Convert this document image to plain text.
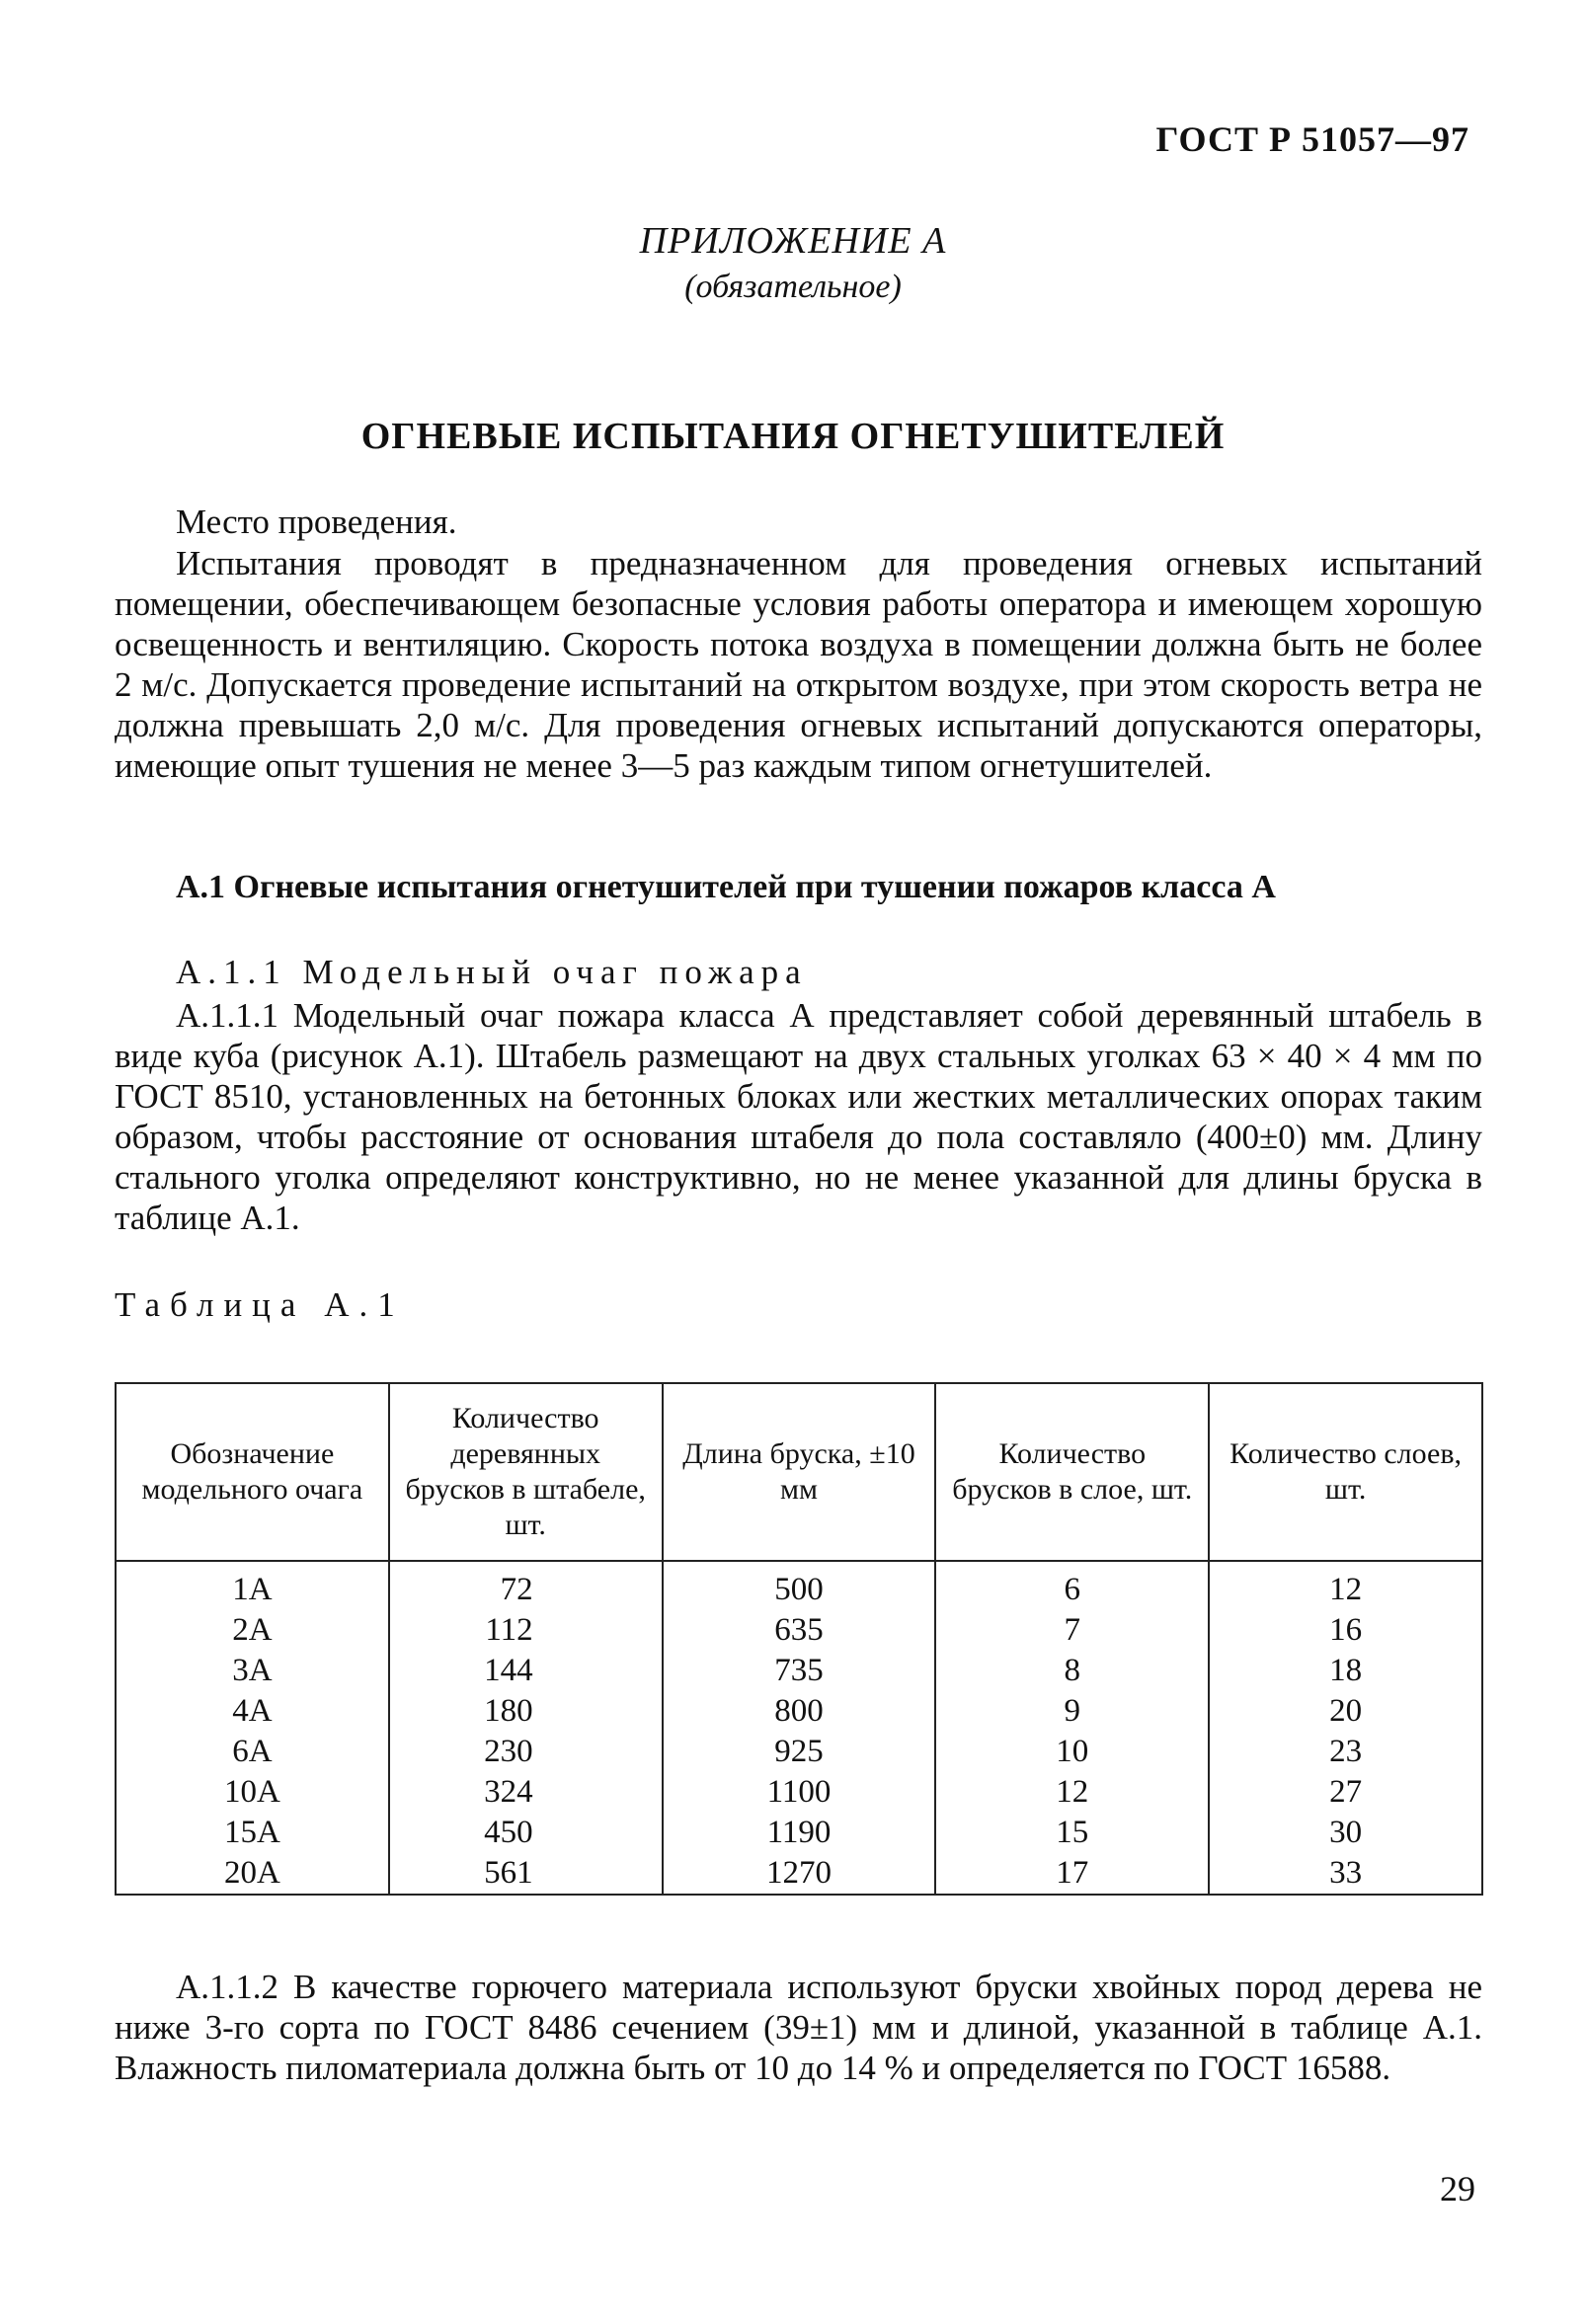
ГОСТ Р 51057—97
ПРИЛОЖЕНИЕ А
(обязательное)
ОГНЕВЫЕ ИСПЫТАНИЯ ОГНЕТУШИТЕЛЕЙ
Место проведения.
Испытания проводят в предназначенном для проведения огневых испытаний помещении, обеспечивающем безопасные условия работы оператора и имеющем хорошую освещенность и вентиляцию. Скорость потока воздуха в помещении должна быть не более 2 м/с. Допускается проведение испытаний на открытом воздухе, при этом скорость ветра не должна превышать 2,0 м/с. Для проведения огневых испытаний допускаются операторы, имеющие опыт тушения не менее 3—5 раз каждым типом огнетушителей.
А.1 Огневые испытания огнетушителей при тушении пожаров класса А
А.1.1 Модельный очаг пожара
А.1.1.1 Модельный очаг пожара класса А представляет собой деревянный штабель в виде куба (рисунок А.1). Штабель размещают на двух стальных уголках 63 × 40 × 4 мм по ГОСТ 8510, установленных на бетонных блоках или жестких металлических опорах таким образом, чтобы расстояние от основания штабеля до пола составляло (400±0) мм. Длину стального уголка определяют конструктивно, но не менее указанной для длины бруска в таблице А.1.
Таблица А.1
Обозначение модельного очага	Количество деревянных брусков в штабеле, шт.	Длина бруска, ±10 мм	Количество брусков в слое, шт.	Количество слоев, шт.
1А	72	500	6	12
2А	112	635	7	16
3А	144	735	8	18
4А	180	800	9	20
6А	230	925	10	23
10А	324	1100	12	27
15А	450	1190	15	30
20А	561	1270	17	33
А.1.1.2 В качестве горючего материала используют бруски хвойных пород дерева не ниже 3-го сорта по ГОСТ 8486 сечением (39±1) мм и длиной, указанной в таблице А.1. Влажность пиломатериала должна быть от 10 до 14 % и определяется по ГОСТ 16588.
29
